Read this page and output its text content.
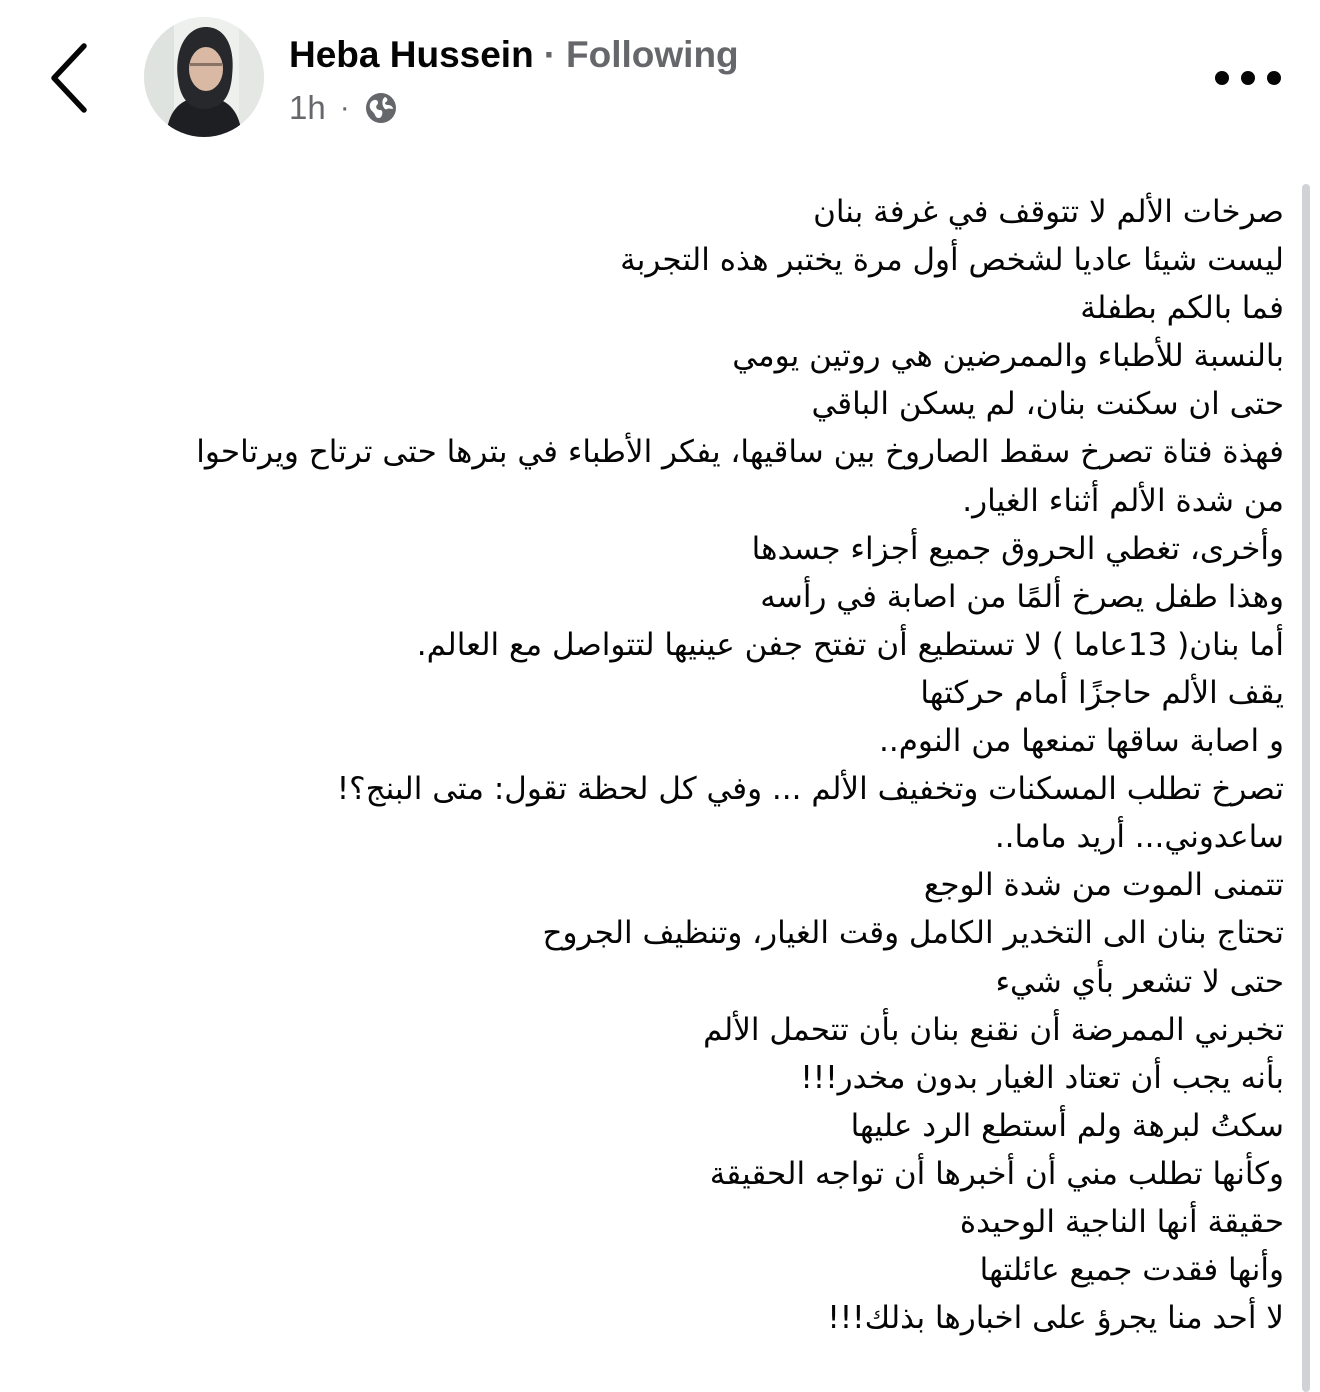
Heba Hussein · Following
1h ·
صرخات الألم لا تتوقف في غرفة بنان
ليست شيئا عاديا لشخص أول مرة يختبر هذه التجربة
فما بالكم بطفلة
بالنسبة للأطباء والممرضين هي روتين يومي
حتى ان سكنت بنان، لم يسكن الباقي
فهذة فتاة تصرخ سقط الصاروخ بين ساقيها، يفكر الأطباء في بترها حتى ترتاح ويرتاحوا
من شدة الألم أثناء الغيار.
وأخرى، تغطي الحروق جميع أجزاء جسدها
وهذا طفل يصرخ ألمًا من اصابة في رأسه
أما بنان( 13عاما ) لا تستطيع أن تفتح جفن عينيها لتتواصل مع العالم.
يقف الألم حاجزًا أمام حركتها
و اصابة ساقها تمنعها من النوم..
تصرخ تطلب المسكنات وتخفيف الألم ... وفي كل لحظة تقول: متى البنج؟!
ساعدوني... أريد ماما..
تتمنى الموت من شدة الوجع
تحتاج بنان الى التخدير الكامل وقت الغيار، وتنظيف الجروح
حتى لا تشعر بأي شيء
تخبرني الممرضة أن نقنع بنان بأن تتحمل الألم
بأنه يجب أن تعتاد الغيار بدون مخدر!!!
سكتُ لبرهة ولم أستطع الرد عليها
وكأنها تطلب مني أن أخبرها أن تواجه الحقيقة
حقيقة أنها الناجية الوحيدة
وأنها فقدت جميع عائلتها
لا أحد منا يجرؤ على اخبارها بذلك!!!
